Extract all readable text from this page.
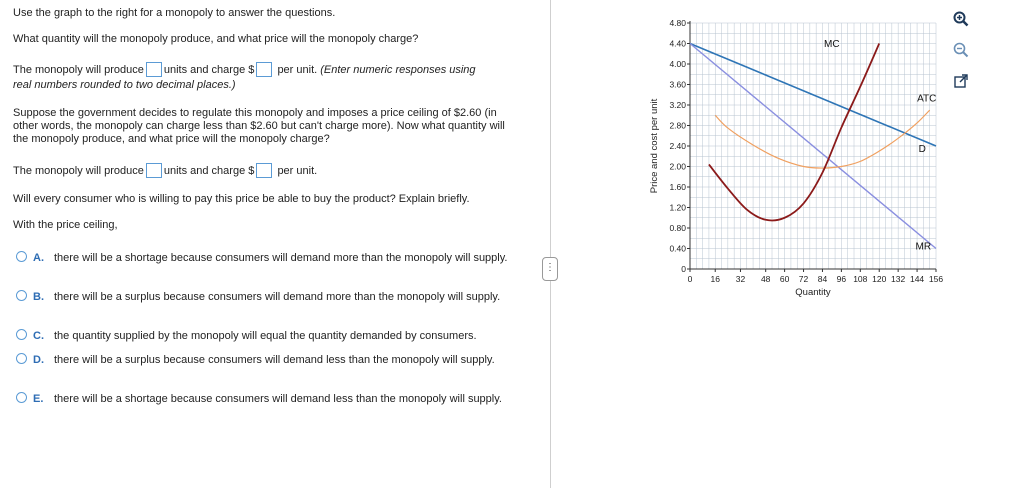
Use the graph to the right for a monopoly to answer the questions.
What quantity will the monopoly produce, and what price will the monopoly charge?
The monopoly will produce units and charge $ per unit. (Enter numeric responses using
real numbers rounded to two decimal places.)
Suppose the government decides to regulate this monopoly and imposes a price ceiling of $2.60 (in other words, the monopoly can charge less than $2.60 but can't charge more). Now what quantity will the monopoly produce, and what price will the monopoly charge?
The monopoly will produce units and charge $ per unit.
Will every consumer who is willing to pay this price be able to buy the product? Explain briefly.
With the price ceiling,
A. there will be a shortage because consumers will demand more than the monopoly will supply.
B. there will be a surplus because consumers will demand more than the monopoly will supply.
C. the quantity supplied by the monopoly will equal the quantity demanded by consumers.
D. there will be a surplus because consumers will demand less than the monopoly will supply.
E. there will be a shortage because consumers will demand less than the monopoly will supply.
⋮
0 16 32 48 60 72 84 96 108 120 132 144 156
0
0.40
0.80
1.20
1.60
2.00
2.40
2.80
3.20
3.60
4.00
4.40
4.80
Quantity
Price and cost per unit	D
MR
ATC
MC
